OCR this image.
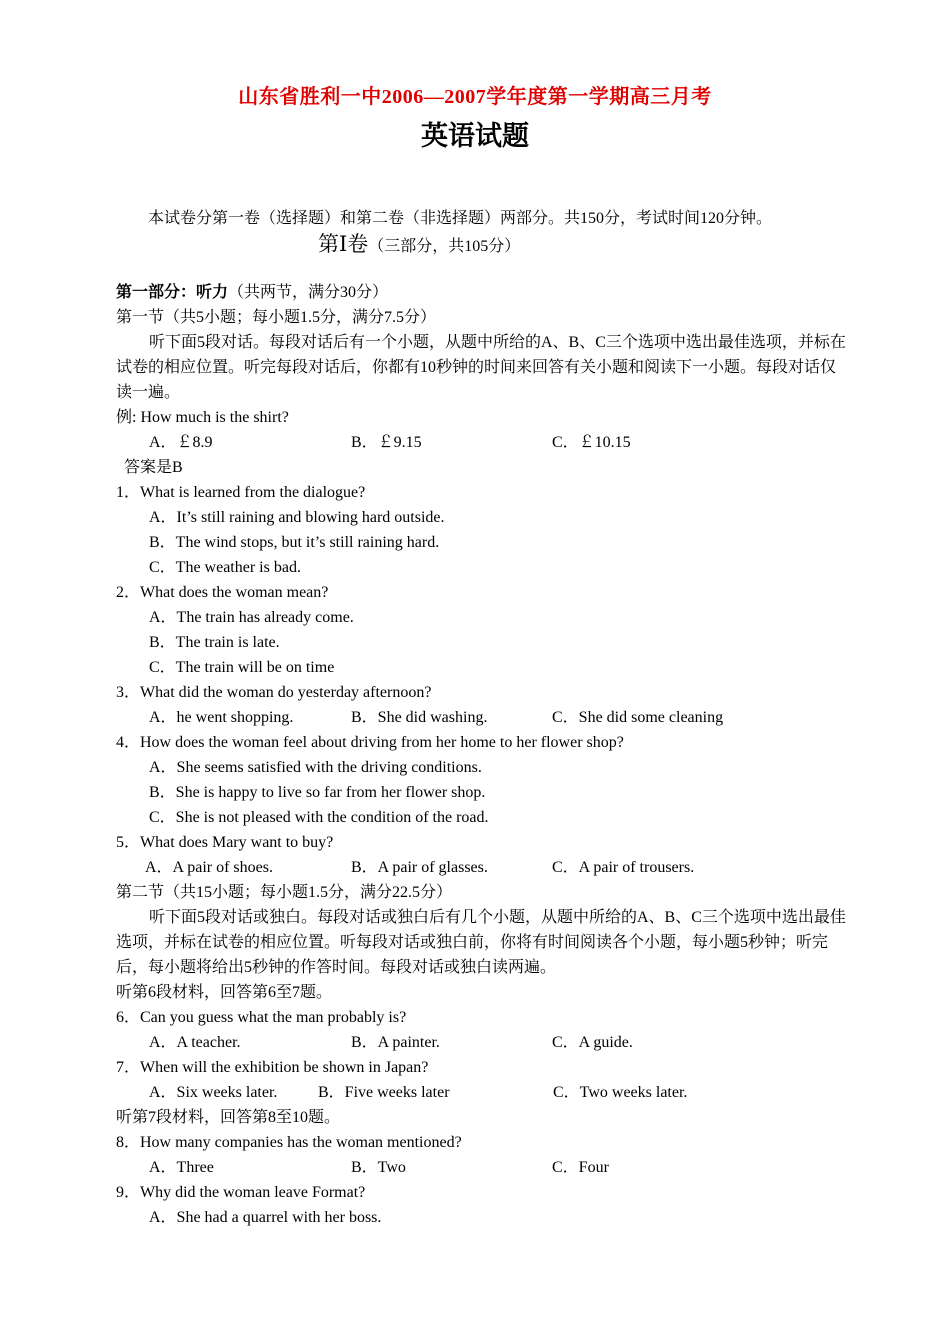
山东省胜利一中2006—2007学年度第一学期高三月考
英语试题
本试卷分第一卷（选择题）和第二卷（非选择题）两部分。共150分，考试时间120分钟。
第Ⅰ卷（三部分，共105分）
第一部分：听力（共两节，满分30分）
第一节（共5小题；每小题1.5分，满分7.5分）
听下面5段对话。每段对话后有一个小题，从题中所给的A、B、C三个选项中选出最佳选项，并标在试卷的相应位置。听完每段对话后，你都有10秒钟的时间来回答有关小题和阅读下一小题。每段对话仅读一遍。
例: How much is the shirt?
A．￡8.9	B．￡9.15	C．￡10.15
答案是B
1．What is learned from the dialogue?
A．It’s still raining and blowing hard outside.
B．The wind stops, but it’s still raining hard.
C．The weather is bad.
2．What does the woman mean?
A．The train has already come.
B．The train is late.
C．The train will be on time
3．What did the woman do yesterday afternoon?
A．he went shopping.	B．She did washing.	C．She did some cleaning
4．How does the woman feel about driving from her home to her flower shop?
A．She seems satisfied with the driving conditions.
B．She is happy to live so far from her flower shop.
C．She is not pleased with the condition of the road.
5．What does Mary want to buy?
A．A pair of shoes.	B．A pair of glasses.	C．A pair of trousers.
第二节（共15小题；每小题1.5分，满分22.5分）
听下面5段对话或独白。每段对话或独白后有几个小题，从题中所给的A、B、C三个选项中选出最佳选项，并标在试卷的相应位置。听每段对话或独白前，你将有时间阅读各个小题，每小题5秒钟；听完后，每小题将给出5秒钟的作答时间。每段对话或独白读两遍。
听第6段材料，回答第6至7题。
6．Can you guess what the man probably is?
A．A teacher.	B．A painter.	C．A guide.
7．When will the exhibition be shown in Japan?
A．Six weeks later.	B．Five weeks later	C．Two weeks later.
听第7段材料，回答第8至10题。
8．How many companies has the woman mentioned?
A．Three	B．Two	C．Four
9．Why did the woman leave Format?
A．She had a quarrel with her boss.
